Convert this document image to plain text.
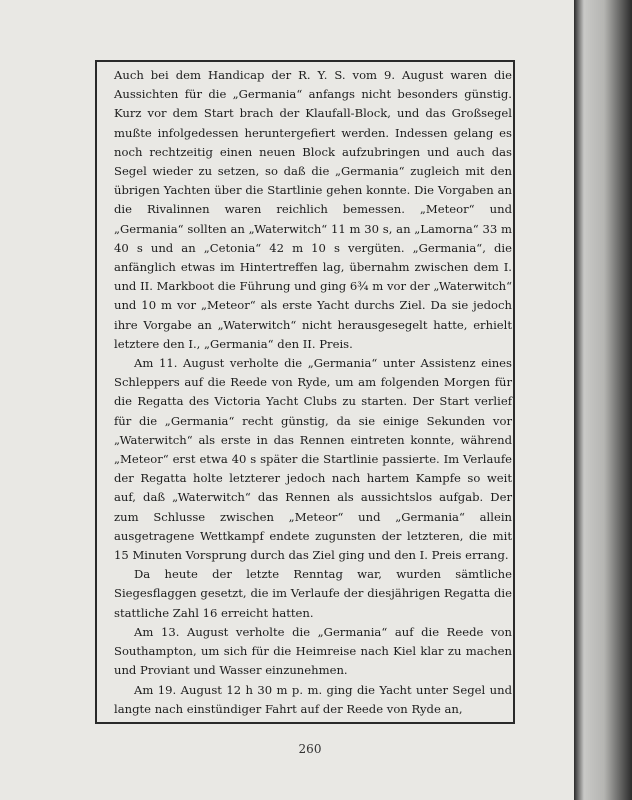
Auch bei dem Handicap der R. Y. S. vom 9. August waren die Aussichten für die „Germania“ anfangs nicht besonders günstig. Kurz vor dem Start brach der Klaufall-Block, und das Großsegel mußte infolgedessen heruntergefiert werden. Indessen gelang es noch rechtzeitig einen neuen Block aufzubringen und auch das Segel wieder zu setzen, so daß die „Germania“ zugleich mit den übrigen Yachten über die Startlinie gehen konnte. Die Vorgaben an die Rivalinnen waren reichlich bemessen. „Meteor“ und „Germania“ sollten an „Waterwitch“ 11 m 30 s, an „Lamorna“ 33 m 40 s und an „Cetonia“ 42 m 10 s vergüten. „Germania“, die anfänglich etwas im Hintertreffen lag, übernahm zwischen dem I. und II. Markboot die Führung und ging 6¾ m vor der „Waterwitch“ und 10 m vor „Meteor“ als erste Yacht durchs Ziel. Da sie jedoch ihre Vorgabe an „Waterwitch“ nicht herausgesegelt hatte, erhielt letztere den I., „Germania“ den II. Preis.

Am 11. August verholte die „Germania“ unter Assistenz eines Schleppers auf die Reede von Ryde, um am folgenden Morgen für die Regatta des Victoria Yacht Clubs zu starten. Der Start verlief für die „Germania“ recht günstig, da sie einige Sekunden vor „Waterwitch“ als erste in das Rennen eintreten konnte, während „Meteor“ erst etwa 40 s später die Startlinie passierte. Im Verlaufe der Regatta holte letzterer jedoch nach hartem Kampfe so weit auf, daß „Waterwitch“ das Rennen als aussichtslos aufgab. Der zum Schlusse zwischen „Meteor“ und „Germania“ allein ausgetragene Wettkampf endete zugunsten der letzteren, die mit 15 Minuten Vorsprung durch das Ziel ging und den I. Preis errang.

Da heute der letzte Renntag war, wurden sämtliche Siegesflaggen gesetzt, die im Verlaufe der diesjährigen Regatta die stattliche Zahl 16 erreicht hatten.

Am 13. August verholte die „Germania“ auf die Reede von Southampton, um sich für die Heimreise nach Kiel klar zu machen und Proviant und Wasser einzunehmen.

Am 19. August 12 h 30 m p. m. ging die Yacht unter Segel und langte nach einstündiger Fahrt auf der Reede von Ryde an,

260
